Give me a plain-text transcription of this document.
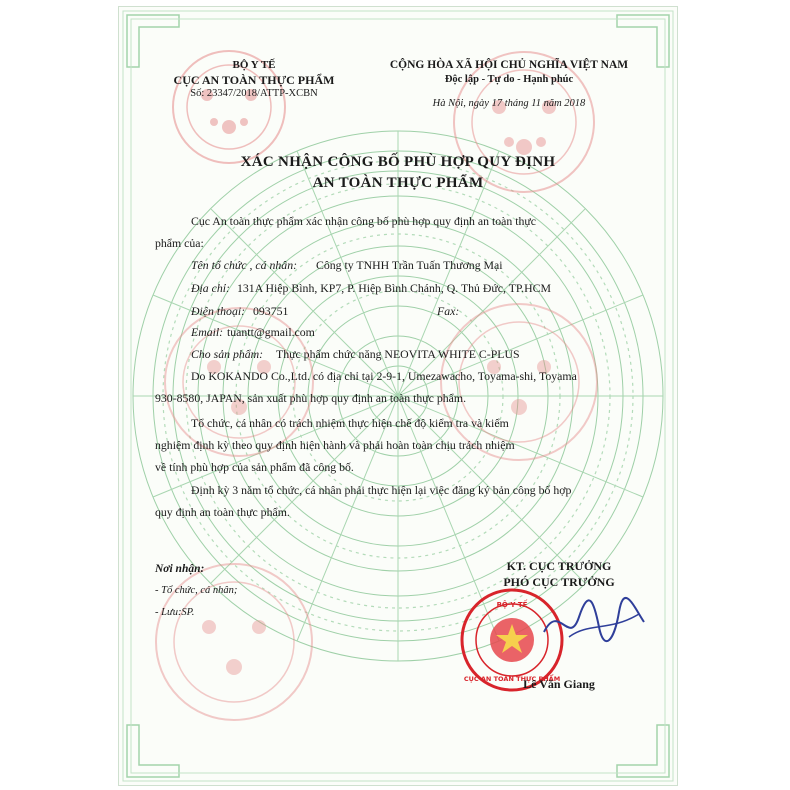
BỘ Y TẾ
CỤC AN TOÀN THỰC PHẨM
Số: 23347/2018/ATTP-XCBN
CỘNG HÒA XÃ HỘI CHỦ NGHĨA VIỆT NAM
Độc lập - Tự do - Hạnh phúc
Hà Nội, ngày 17 tháng 11 năm 2018
XÁC NHẬN CÔNG BỐ PHÙ HỢP QUY ĐỊNH
AN TOÀN THỰC PHẨM
Cục An toàn thực phẩm xác nhận công bố phù hợp quy định an toàn thực
phẩm của:
Tên tổ chức , cá nhân: Công ty TNHH Trần Tuấn Thương Mại
Địa chỉ: 131A Hiệp Bình, KP7, P. Hiệp Bình Chánh, Q. Thủ Đức, TP.HCM
Điện thoại: 093751	Fax:
Email: tuantt@gmail.com
Cho sản phẩm: Thực phẩm chức năng NEOVITA WHITE C-PLUS
Do KOKANDO Co.,Ltd. có địa chỉ tại 2-9-1, Umezawacho, Toyama-shi, Toyama
930-8580, JAPAN, sản xuất phù hợp quy định an toàn thực phẩm.
Tổ chức, cá nhân có trách nhiệm thực hiện chế độ kiểm tra và kiểm
nghiệm định kỳ theo quy định hiện hành và phải hoàn toàn chịu trách nhiệm
về tính phù hợp của sản phẩm đã công bố.
Định kỳ 3 năm tổ chức, cá nhân phải thực hiện lại việc đăng ký bản công bố hợp
quy định an toàn thực phẩm.
Nơi nhận:
- Tổ chức, cá nhân;
- Lưu:SP.
KT. CỤC TRƯỞNG
PHÓ CỤC TRƯỞNG
BỘ Y TẾ
CỤC AN TOÀN THỰC PHẨM
Lê Văn Giang
